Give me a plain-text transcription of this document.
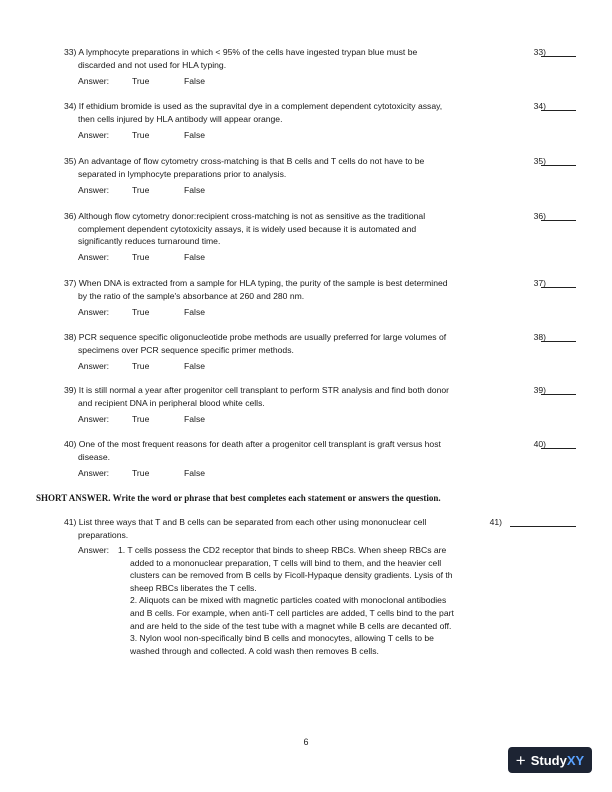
33) A lymphocyte preparations in which < 95% of the cells have ingested trypan blue must be
discarded and not used for HLA typing.
33)
Answer:	True	False
34) If ethidium bromide is used as the supravital dye in a complement dependent cytotoxicity assay,
then cells injured by HLA antibody will appear orange.
34)
Answer:	True	False
35) An advantage of flow cytometry cross-matching is that B cells and T cells do not have to be
separated in lymphocyte preparations prior to analysis.
35)
Answer:	True	False
36) Although flow cytometry donor:recipient cross-matching is not as sensitive as the traditional
complement dependent cytotoxicity assays, it is widely used because it is automated and
significantly reduces turnaround time.
36)
Answer:	True	False
37) When DNA is extracted from a sample for HLA typing, the purity of the sample is best determined
by the ratio of the sample's absorbance at 260 and 280 nm.
37)
Answer:	True	False
38) PCR sequence specific oligonucleotide probe methods are usually preferred for large volumes of
specimens over PCR sequence specific primer methods.
38)
Answer:	True	False
39) It is still normal a year after progenitor cell transplant to perform STR analysis and find both donor
and recipient DNA in peripheral blood white cells.
39)
Answer:	True	False
40) One of the most frequent reasons for death after a progenitor cell transplant is graft versus host
disease.
40)
Answer:	True	False
SHORT ANSWER. Write the word or phrase that best completes each statement or answers the question.
41) List three ways that T and B cells can be separated from each other using mononuclear cell
preparations.
41)
Answer: 1. T cells possess the CD2 receptor that binds to sheep RBCs. When sheep RBCs are
added to a mononuclear preparation, T cells will bind to them, and the heavier cell
clusters can be removed from B cells by Ficoll-Hypaque density gradients. Lysis of th
sheep RBCs liberates the T cells.
2. Aliquots can be mixed with magnetic particles coated with monoclonal antibodies
and B cells. For example, when anti-T cell particles are added, T cells bind to the part
and are held to the side of the test tube with a magnet while B cells are decanted off.
3. Nylon wool non-specifically bind B cells and monocytes, allowing T cells to be
washed through and collected. A cold wash then removes B cells.
6
+ Study XY
